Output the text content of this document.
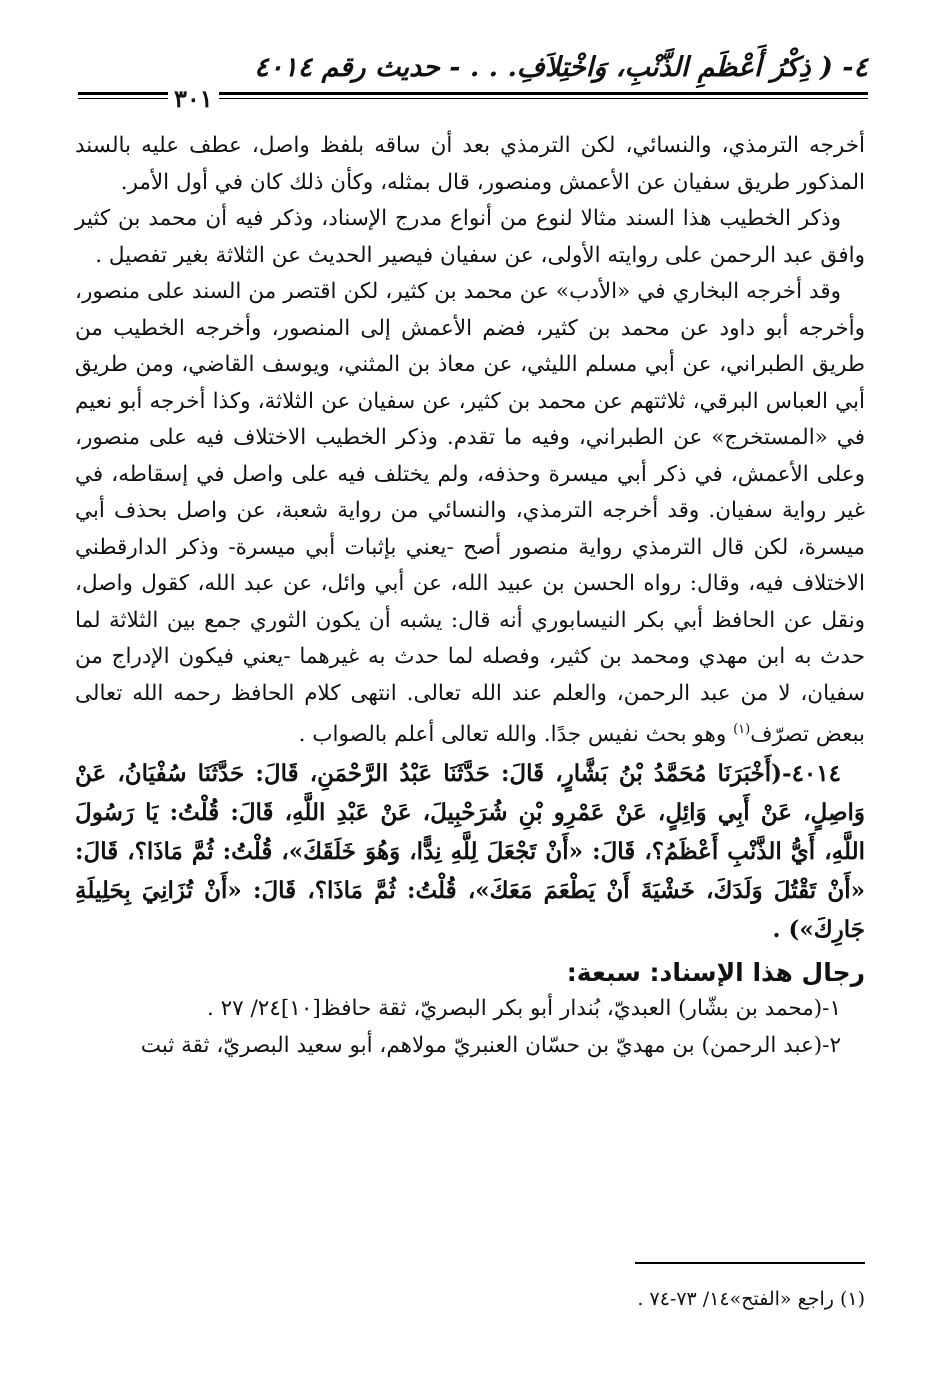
٤- ( ذِكْرُ أَعْظَمِ الذَّنْبِ، وَاخْتِلاَفِ. . . - حديث رقم ٤٠١٤
٣٠١

أخرجه الترمذي، والنسائي، لكن الترمذي بعد أن ساقه بلفظ واصل، عطف عليه بالسند المذكور طريق سفيان عن الأعمش ومنصور، قال بمثله، وكأن ذلك كان في أول الأمر.

وذكر الخطيب هذا السند مثالا لنوع من أنواع مدرج الإسناد، وذكر فيه أن محمد بن كثير وافق عبد الرحمن على روايته الأولى، عن سفيان فيصير الحديث عن الثلاثة بغير تفصيل .

وقد أخرجه البخاري في «الأدب» عن محمد بن كثير، لكن اقتصر من السند على منصور، وأخرجه أبو داود عن محمد بن كثير، فضم الأعمش إلى المنصور، وأخرجه الخطيب من طريق الطبراني، عن أبي مسلم الليثي، عن معاذ بن المثني، ويوسف القاضي، ومن طريق أبي العباس البرقي، ثلاثتهم عن محمد بن كثير، عن سفيان عن الثلاثة، وكذا أخرجه أبو نعيم في «المستخرج» عن الطبراني، وفيه ما تقدم. وذكر الخطيب الاختلاف فيه على منصور، وعلى الأعمش، في ذكر أبي ميسرة وحذفه، ولم يختلف فيه على واصل في إسقاطه، في غير رواية سفيان. وقد أخرجه الترمذي، والنسائي من رواية شعبة، عن واصل بحذف أبي ميسرة، لكن قال الترمذي رواية منصور أصح -يعني بإثبات أبي ميسرة- وذكر الدارقطني الاختلاف فيه، وقال: رواه الحسن بن عبيد الله، عن أبي وائل، عن عبد الله، كقول واصل، ونقل عن الحافظ أبي بكر النيسابوري أنه قال: يشبه أن يكون الثوري جمع بين الثلاثة لما حدث به ابن مهدي ومحمد بن كثير، وفصله لما حدث به غيرهما -يعني فيكون الإدراج من سفيان، لا من عبد الرحمن، والعلم عند الله تعالى. انتهى كلام الحافظ رحمه الله تعالى ببعض تصرّف$^{(١)}$ وهو بحث نفيس جدًا. والله تعالى أعلم بالصواب .

٤٠١٤-(أَخْبَرَنَا مُحَمَّدُ بْنُ بَشَّارٍ، قَالَ: حَدَّثَنَا عَبْدُ الرَّحْمَنِ، قَالَ: حَدَّثَنَا سُفْيَانُ، عَنْ وَاصِلٍ، عَنْ أَبِي وَائِلٍ، عَنْ عَمْرِو بْنِ شُرَحْبِيلَ، عَنْ عَبْدِ اللَّهِ، قَالَ: قُلْتُ: يَا رَسُولَ اللَّهِ، أَيُّ الذَّنْبِ أَعْظَمُ؟، قَالَ: «أَنْ تَجْعَلَ لِلَّهِ نِدًّا، وَهُوَ خَلَقَكَ»، قُلْتُ: ثُمَّ مَاذَا؟، قَالَ: «أَنْ تَقْتُلَ وَلَدَكَ، خَشْيَةَ أَنْ يَطْعَمَ مَعَكَ»، قُلْتُ: ثُمَّ مَاذَا؟، قَالَ: «أَنْ تُزَانِيَ بِحَلِيلَةِ جَارِكَ») .

رجال هذا الإسناد: سبعة:

١-(محمد بن بشّار) العبديّ، بُندار أبو بكر البصريّ، ثقة حافظ[١٠]٢٤/ ٢٧ .

٢-(عبد الرحمن) بن مهديّ بن حسّان العنبريّ مولاهم، أبو سعيد البصريّ، ثقة ثبت

(١) راجع «الفتح»١٤/ ٧٣-٧٤ .
